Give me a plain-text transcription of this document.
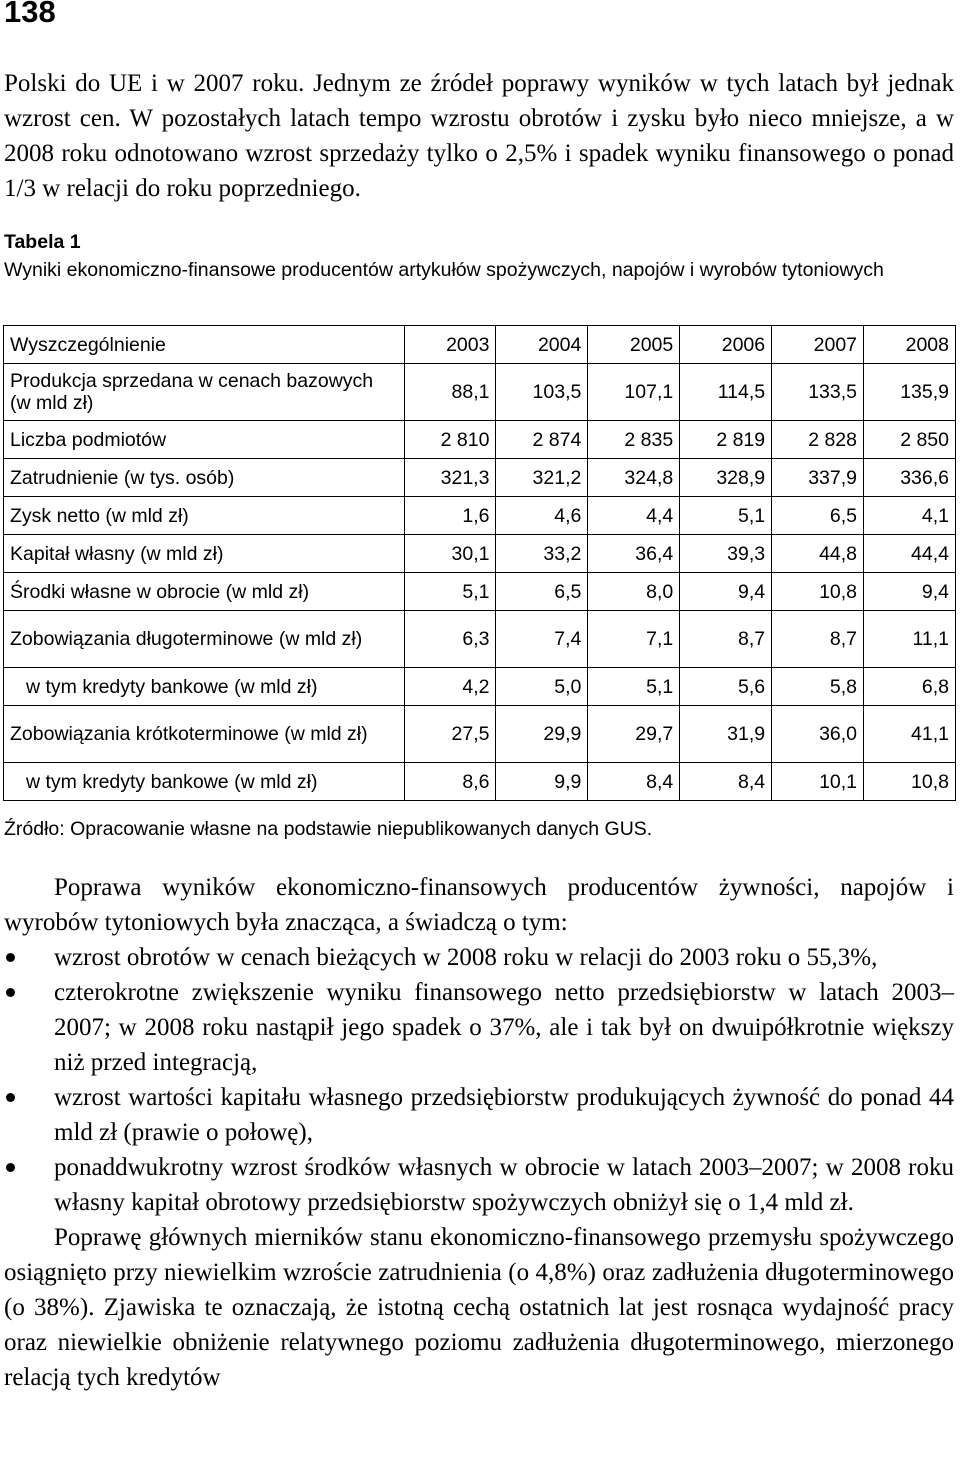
138
Polski do UE i w 2007 roku. Jednym ze źródeł poprawy wyników w tych latach był jednak wzrost cen. W pozostałych latach tempo wzrostu obrotów i zysku było nieco mniejsze, a w 2008 roku odnotowano wzrost sprzedaży tylko o 2,5% i spadek wyniku finansowego o ponad 1/3 w relacji do roku poprzedniego.
Tabela 1
Wyniki ekonomiczno-finansowe producentów artykułów spożywczych, napojów i wyrobów tytoniowych
Wyszczególnienie	2003	2004	2005	2006	2007	2008
Produkcja sprzedana w cenach bazowych (w mld zł)	88,1	103,5	107,1	114,5	133,5	135,9
Liczba podmiotów	2 810	2 874	2 835	2 819	2 828	2 850
Zatrudnienie (w tys. osób)	321,3	321,2	324,8	328,9	337,9	336,6
Zysk netto (w mld zł)	1,6	4,6	4,4	5,1	6,5	4,1
Kapitał własny (w mld zł)	30,1	33,2	36,4	39,3	44,8	44,4
Środki własne w obrocie (w mld zł)	5,1	6,5	8,0	9,4	10,8	9,4
Zobowiązania długoterminowe (w mld zł)	6,3	7,4	7,1	8,7	8,7	11,1
w tym kredyty bankowe (w mld zł)	4,2	5,0	5,1	5,6	5,8	6,8
Zobowiązania krótkoterminowe (w mld zł)	27,5	29,9	29,7	31,9	36,0	41,1
w tym kredyty bankowe (w mld zł)	8,6	9,9	8,4	8,4	10,1	10,8
Źródło: Opracowanie własne na podstawie niepublikowanych danych GUS.

Poprawa wyników ekonomiczno-finansowych producentów żywności, napojów i wyrobów tytoniowych była znacząca, a świadczą o tym:

wzrost obrotów w cenach bieżących w 2008 roku w relacji do 2003 roku o 55,3%,
czterokrotne zwiększenie wyniku finansowego netto przedsiębiorstw w latach 2003–2007; w 2008 roku nastąpił jego spadek o 37%, ale i tak był on dwuipółkrotnie większy niż przed integracją,
wzrost wartości kapitału własnego przedsiębiorstw produkujących żywność do ponad 44 mld zł (prawie o połowę),
ponaddwukrotny wzrost środków własnych w obrocie w latach 2003–2007; w 2008 roku własny kapitał obrotowy przedsiębiorstw spożywczych obniżył się o 1,4 mld zł.

Poprawę głównych mierników stanu ekonomiczno-finansowego przemysłu spożywczego osiągnięto przy niewielkim wzroście zatrudnienia (o 4,8%) oraz zadłużenia długoterminowego (o 38%). Zjawiska te oznaczają, że istotną cechą ostatnich lat jest rosnąca wydajność pracy oraz niewielkie obniżenie relatywnego poziomu zadłużenia długoterminowego, mierzonego relacją tych kredytów
